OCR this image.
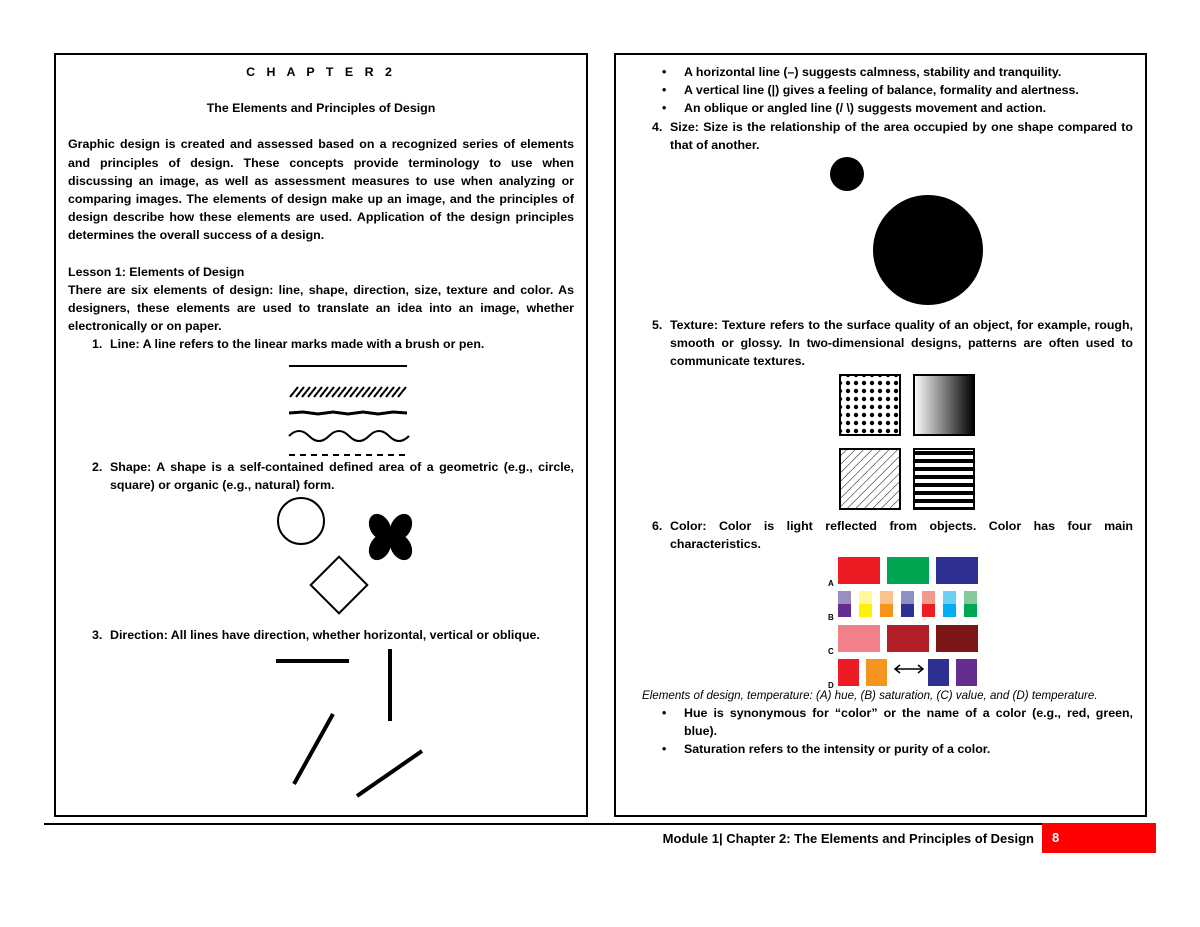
C H A P T E R 2
The Elements and Principles of Design
Graphic design is created and assessed based on a recognized series of elements and principles of design. These concepts provide terminology to use when discussing an image, as well as assessment measures to use when analyzing or comparing images. The elements of design make up an image, and the principles of design describe how these elements are used. Application of the design principles determines the overall success of a design.
Lesson 1: Elements of Design
There are six elements of design: line, shape, direction, size, texture and color. As designers, these elements are used to translate an idea into an image, whether electronically or on paper.
1. Line: A line refers to the linear marks made with a brush or pen.
2. Shape: A shape is a self-contained defined area of a geometric (e.g., circle, square) or organic (e.g., natural) form.
3. Direction: All lines have direction, whether horizontal, vertical or oblique.
• A horizontal line (–) suggests calmness, stability and tranquility.
• A vertical line (|) gives a feeling of balance, formality and alertness.
• An oblique or angled line (/ \) suggests movement and action.
4. Size: Size is the relationship of the area occupied by one shape compared to that of another.
5. Texture: Texture refers to the surface quality of an object, for example, rough, smooth or glossy. In two-dimensional designs, patterns are often used to communicate textures.
6. Color: Color is light reflected from objects. Color has four main characteristics.
A
B
C
D
Elements of design, temperature: (A) hue, (B) saturation, (C) value, and (D) temperature.
• Hue is synonymous for “color” or the name of a color (e.g., red, green, blue).
• Saturation refers to the intensity or purity of a color.
Module 1| Chapter 2: The Elements and Principles of Design	8
